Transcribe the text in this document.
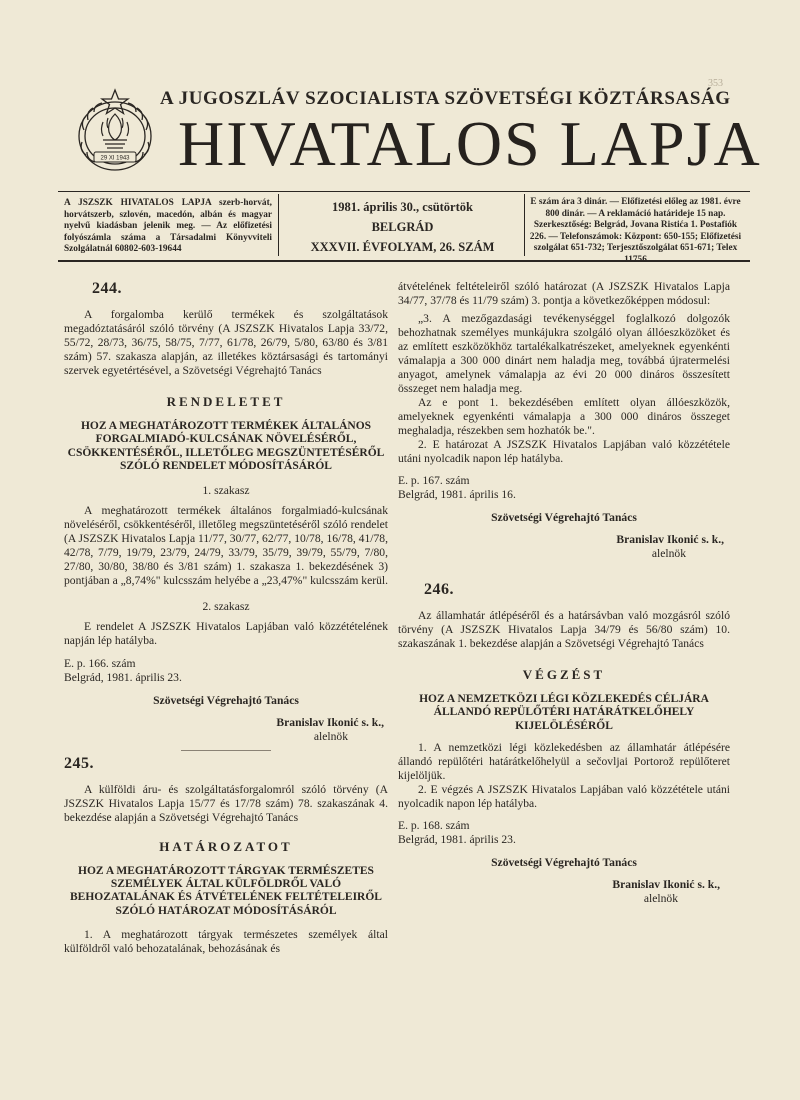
29 XI 1943
353
A JUGOSZLÁV SZOCIALISTA SZÖVETSÉGI KÖZTÁRSASÁG
HIVATALOS LAPJA
A JSZSZK HIVATALOS LAPJA szerb-horvát, horvátszerb, szlovén, macedón, albán és magyar nyelvű kiadásban jelenik meg. — Az előfizetési folyószámla száma a Társadalmi Könyvviteli Szolgálatnál 60802-603-19644
1981. április 30., csütörtök
BELGRÁD
XXXVII. ÉVFOLYAM, 26. SZÁM
E szám ára 3 dinár. — Előfizetési előleg az 1981. évre 800 dinár. — A reklamáció határideje 15 nap. Szerkesztőség: Belgrád, Jovana Ristića 1. Postafiók 226. — Telefonszámok: Központ: 650-155; Előfizetési szolgálat 651-732; Terjesztőszolgálat 651-671; Telex 11756

244.

A forgalomba kerülő termékek és szolgáltatások megadóztatásáról szóló törvény (A JSZSZK Hivatalos Lapja 33/72, 55/72, 28/73, 36/75, 58/75, 7/77, 61/78, 26/79, 5/80, 63/80 és 3/81 szám) 57. szakasza alapján, az illetékes köztársasági és tartományi szervek egyetértésével, a Szövetségi Végrehajtó Tanács

RENDELETET

HOZ A MEGHATÁROZOTT TERMÉKEK ÁLTALÁNOS FORGALMIADÓ-KULCSÁNAK NÖVELÉSÉRŐL, CSÖKKENTÉSÉRŐL, ILLETŐLEG MEGSZÜNTETÉSÉRŐL SZÓLÓ RENDELET MÓDOSÍTÁSÁRÓL

1. szakasz

A meghatározott termékek általános forgalmiadó-kulcsának növeléséről, csökkentéséről, illetőleg megszüntetéséről szóló rendelet (A JSZSZK Hivatalos Lapja 11/77, 30/77, 62/77, 10/78, 16/78, 41/78, 42/78, 7/79, 19/79, 23/79, 24/79, 33/79, 35/79, 39/79, 55/79, 7/80, 27/80, 30/80, 38/80 és 3/81 szám) 1. szakasza 1. bekezdésének 3) pontjában a „8,74%" kulcsszám helyébe a „23,47%" kulcsszám kerül.

2. szakasz

E rendelet A JSZSZK Hivatalos Lapjában való közzétételének napján lép hatályba.

E. p. 166. szám

Belgrád, 1981. április 23.

Szövetségi Végrehajtó Tanács

Branislav Ikonić s. k.,

alelnök

245.

A külföldi áru- és szolgáltatásforgalomról szóló törvény (A JSZSZK Hivatalos Lapja 15/77 és 17/78 szám) 78. szakaszának 4. bekezdése alapján a Szövetségi Végrehajtó Tanács

HATÁROZATOT

HOZ A MEGHATÁROZOTT TÁRGYAK TERMÉSZETES SZEMÉLYEK ÁLTAL KÜLFÖLDRŐL VALÓ BEHOZATALÁNAK ÉS ÁTVÉTELÉNEK FELTÉTELEIRŐL SZÓLÓ HATÁROZAT MÓDOSÍTÁSÁRÓL

1. A meghatározott tárgyak természetes személyek által külföldről való behozatalának, behozásának és

átvételének feltételeiről szóló határozat (A JSZSZK Hivatalos Lapja 34/77, 37/78 és 11/79 szám) 3. pontja a következőképpen módosul:

„3. A mezőgazdasági tevékenységgel foglalkozó dolgozók behozhatnak személyes munkájukra szolgáló olyan állóeszközöket és az említett eszközökhöz tartalékalkatrészeket, amelyeknek egyenkénti vámalapja a 300 000 dinárt nem haladja meg, továbbá újratermelési anyagot, amelynek vámalapja az évi 20 000 dináros összesített összeget nem haladja meg.

Az e pont 1. bekezdésében említett olyan állóeszközök, amelyeknek egyenkénti vámalapja a 300 000 dináros összeget meghaladja, részekben sem hozhatók be.".

2. E határozat A JSZSZK Hivatalos Lapjában való közzététele utáni nyolcadik napon lép hatályba.

E. p. 167. szám

Belgrád, 1981. április 16.

Szövetségi Végrehajtó Tanács

Branislav Ikonić s. k.,

alelnök

246.

Az államhatár átlépéséről és a határsávban való mozgásról szóló törvény (A JSZSZK Hivatalos Lapja 34/79 és 56/80 szám) 10. szakaszának 1. bekezdése alapján a Szövetségi Végrehajtó Tanács

VÉGZÉST

HOZ A NEMZETKÖZI LÉGI KÖZLEKEDÉS CÉLJÁRA ÁLLANDÓ REPÜLŐTÉRI HATÁRÁTKELŐHELY KIJELÖLÉSÉRŐL

1. A nemzetközi légi közlekedésben az államhatár átlépésére állandó repülőtéri határátkelőhelyül a sečovljai Portorož repülőteret kijelöljük.

2. E végzés A JSZSZK Hivatalos Lapjában való közzététele utáni nyolcadik napon lép hatályba.

E. p. 168. szám

Belgrád, 1981. április 23.

Szövetségi Végrehajtó Tanács

Branislav Ikonić s. k.,

alelnök
